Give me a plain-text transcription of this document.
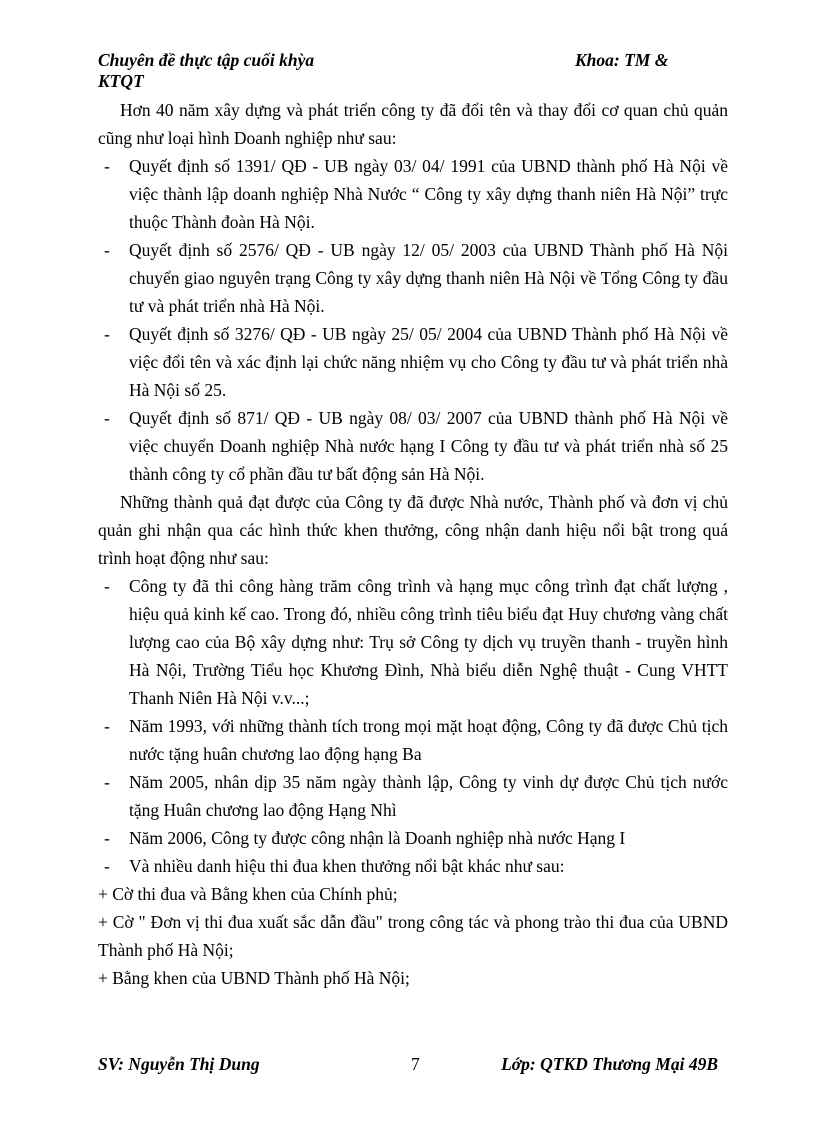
Chuyên đề thực tập cuối khỳa	Khoa: TM &
KTQT

Hơn 40 năm xây dựng và phát triển công ty đã đổi tên và thay đổi cơ quan chủ quản cũng như loại hình Doanh nghiệp như sau:

- Quyết định số 1391/ QĐ - UB ngày 03/ 04/ 1991 của UBND thành phố Hà Nội về việc thành lập doanh nghiệp Nhà Nước “ Công ty xây dựng thanh niên Hà Nội” trực thuộc Thành đoàn Hà Nội.
- Quyết định số 2576/ QĐ - UB ngày 12/ 05/ 2003 của UBND Thành phố Hà Nội chuyển giao nguyên trạng Công ty xây dựng thanh niên Hà Nội về Tổng Công ty đầu tư và phát triển nhà Hà Nội.
- Quyết định số 3276/ QĐ - UB ngày 25/ 05/ 2004 của UBND Thành phố Hà Nội về việc đổi tên và xác định lại chức năng nhiệm vụ cho Công ty đầu tư và phát triển nhà Hà Nội số 25.
- Quyết định số 871/ QĐ - UB ngày 08/ 03/ 2007 của UBND thành phố Hà Nội về việc chuyển Doanh nghiệp Nhà nước hạng I Công ty đầu tư và phát triển nhà số 25 thành công ty cổ phần đầu tư bất động sản Hà Nội.

Những thành quả đạt được của Công ty đã được Nhà nước, Thành phố và đơn vị chủ quản ghi nhận qua các hình thức khen thưởng, công nhận danh hiệu nổi bật trong quá trình hoạt động như sau:

- Công ty đã thi công hàng trăm công trình và hạng mục công trình đạt chất lượng , hiệu quả kinh kế cao. Trong đó, nhiều công trình tiêu biểu đạt Huy chương vàng chất lượng cao của Bộ xây dựng như: Trụ sở Công ty dịch vụ truyền thanh - truyền hình Hà Nội, Trường Tiểu học Khương Đình, Nhà biểu diễn Nghệ thuật - Cung VHTT Thanh Niên Hà Nội v.v...;
- Năm 1993, với những thành tích trong mọi mặt hoạt động, Công ty đã được Chủ tịch nước tặng huân chương lao động hạng Ba
- Năm 2005, nhân dịp 35 năm ngày thành lập, Công ty vinh dự được Chủ tịch nước tặng Huân chương lao động Hạng Nhì
- Năm 2006, Công ty được công nhận là Doanh nghiệp nhà nước Hạng I
- Và nhiều danh hiệu thi đua khen thưởng nổi bật khác như sau:

+ Cờ thi đua và Bằng khen của Chính phủ;

+ Cờ " Đơn vị thi đua xuất sắc dẫn đầu" trong công tác và phong trào thi đua của UBND Thành phố Hà Nội;

+ Bằng khen của UBND Thành phố Hà Nội;

SV: Nguyễn Thị Dung	7	Lớp: QTKD Thương Mại 49B
